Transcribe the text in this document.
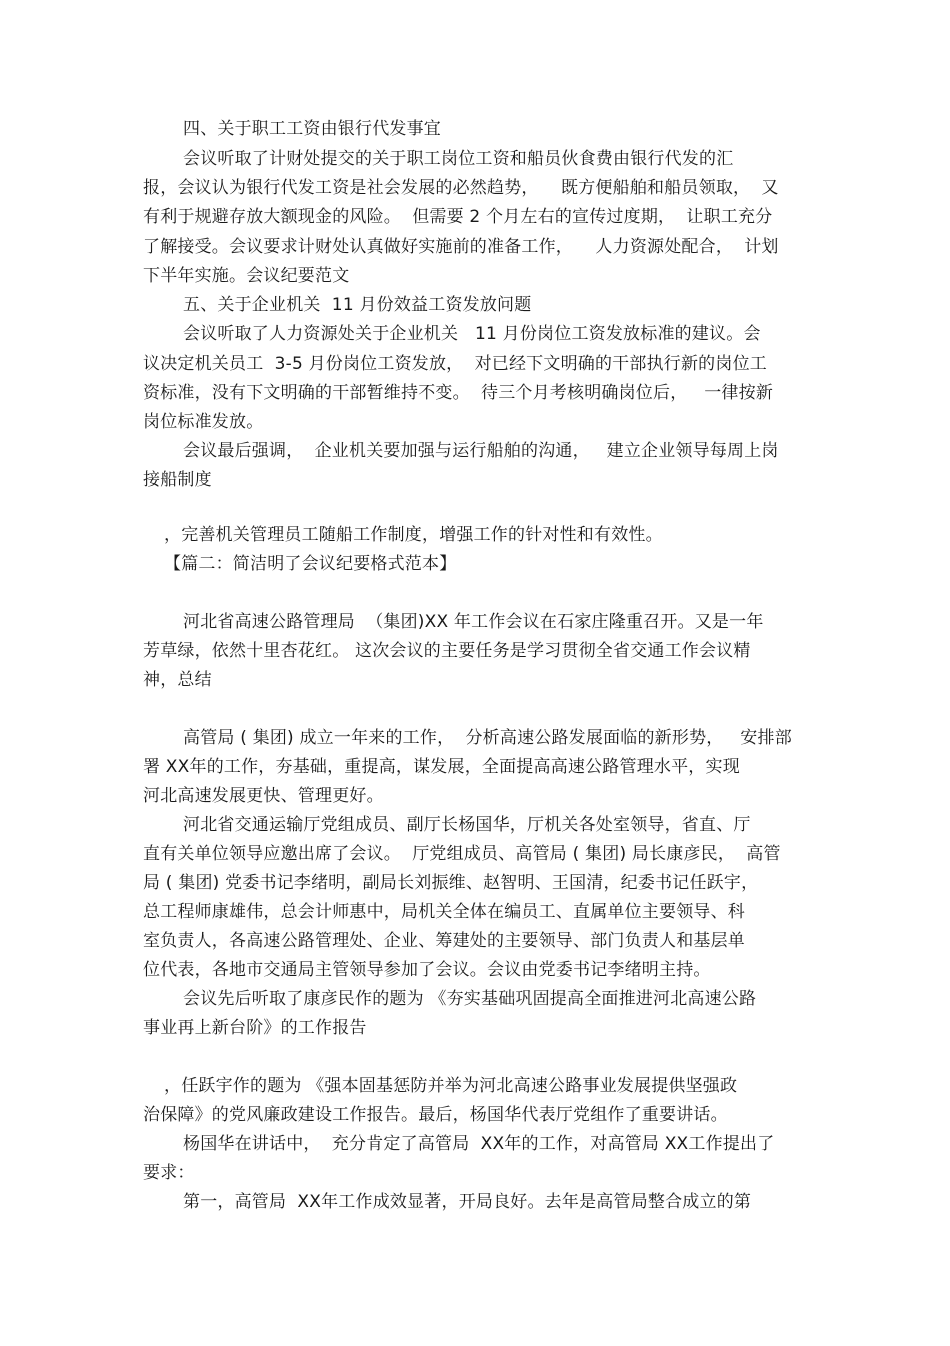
四、关于职工工资由银行代发事宜
会议听取了计财处提交的关于职工岗位工资和船员伙食费由银行代发的汇
报，会议认为银行代发工资是社会发展的必然趋势，    既方便船舶和船员领取，  又
有利于规避存放大额现金的风险。  但需要 2 个月左右的宣传过度期，  让职工充分
了解接受。会议要求计财处认真做好实施前的准备工作，    人力资源处配合，  计划
下半年实施。会议纪要范文
五、关于企业机关  11 月份效益工资发放问题
会议听取了人力资源处关于企业机关   11 月份岗位工资发放标准的建议。会
议决定机关员工  3-5 月份岗位工资发放，  对已经下文明确的干部执行新的岗位工
资标准，没有下文明确的干部暂维持不变。  待三个月考核明确岗位后，   一律按新
岗位标准发放。
会议最后强调，  企业机关要加强与运行船舶的沟通，   建立企业领导每周上岗
接船制度
，完善机关管理员工随船工作制度，增强工作的针对性和有效性。
【篇二：简洁明了会议纪要格式范本】
河北省高速公路管理局  （集团)XX 年工作会议在石家庄隆重召开。又是一年
芳草绿，依然十里杏花红。 这次会议的主要任务是学习贯彻全省交通工作会议精
神，总结
高管局 ( 集团) 成立一年来的工作，  分析高速公路发展面临的新形势，   安排部
署 XX年的工作，夯基础，重提高，谋发展，全面提高高速公路管理水平，实现
河北高速发展更快、管理更好。
河北省交通运输厅党组成员、副厅长杨国华，厅机关各处室领导，省直、厅
直有关单位领导应邀出席了会议。  厅党组成员、高管局 ( 集团) 局长康彦民，  高管
局 ( 集团) 党委书记李绪明，副局长刘振维、赵智明、王国清，纪委书记任跃宇，
总工程师康雄伟，总会计师惠中，局机关全体在编员工、直属单位主要领导、科
室负责人，各高速公路管理处、企业、筹建处的主要领导、部门负责人和基层单
位代表，各地市交通局主管领导参加了会议。会议由党委书记李绪明主持。
会议先后听取了康彦民作的题为 《夯实基础巩固提高全面推进河北高速公路
事业再上新台阶》的工作报告
，任跃宇作的题为 《强本固基惩防并举为河北高速公路事业发展提供坚强政
治保障》的党风廉政建设工作报告。最后，杨国华代表厅党组作了重要讲话。
杨国华在讲话中，  充分肯定了高管局  XX年的工作，对高管局 XX工作提出了
要求：
第一，高管局  XX年工作成效显著，开局良好。去年是高管局整合成立的第
